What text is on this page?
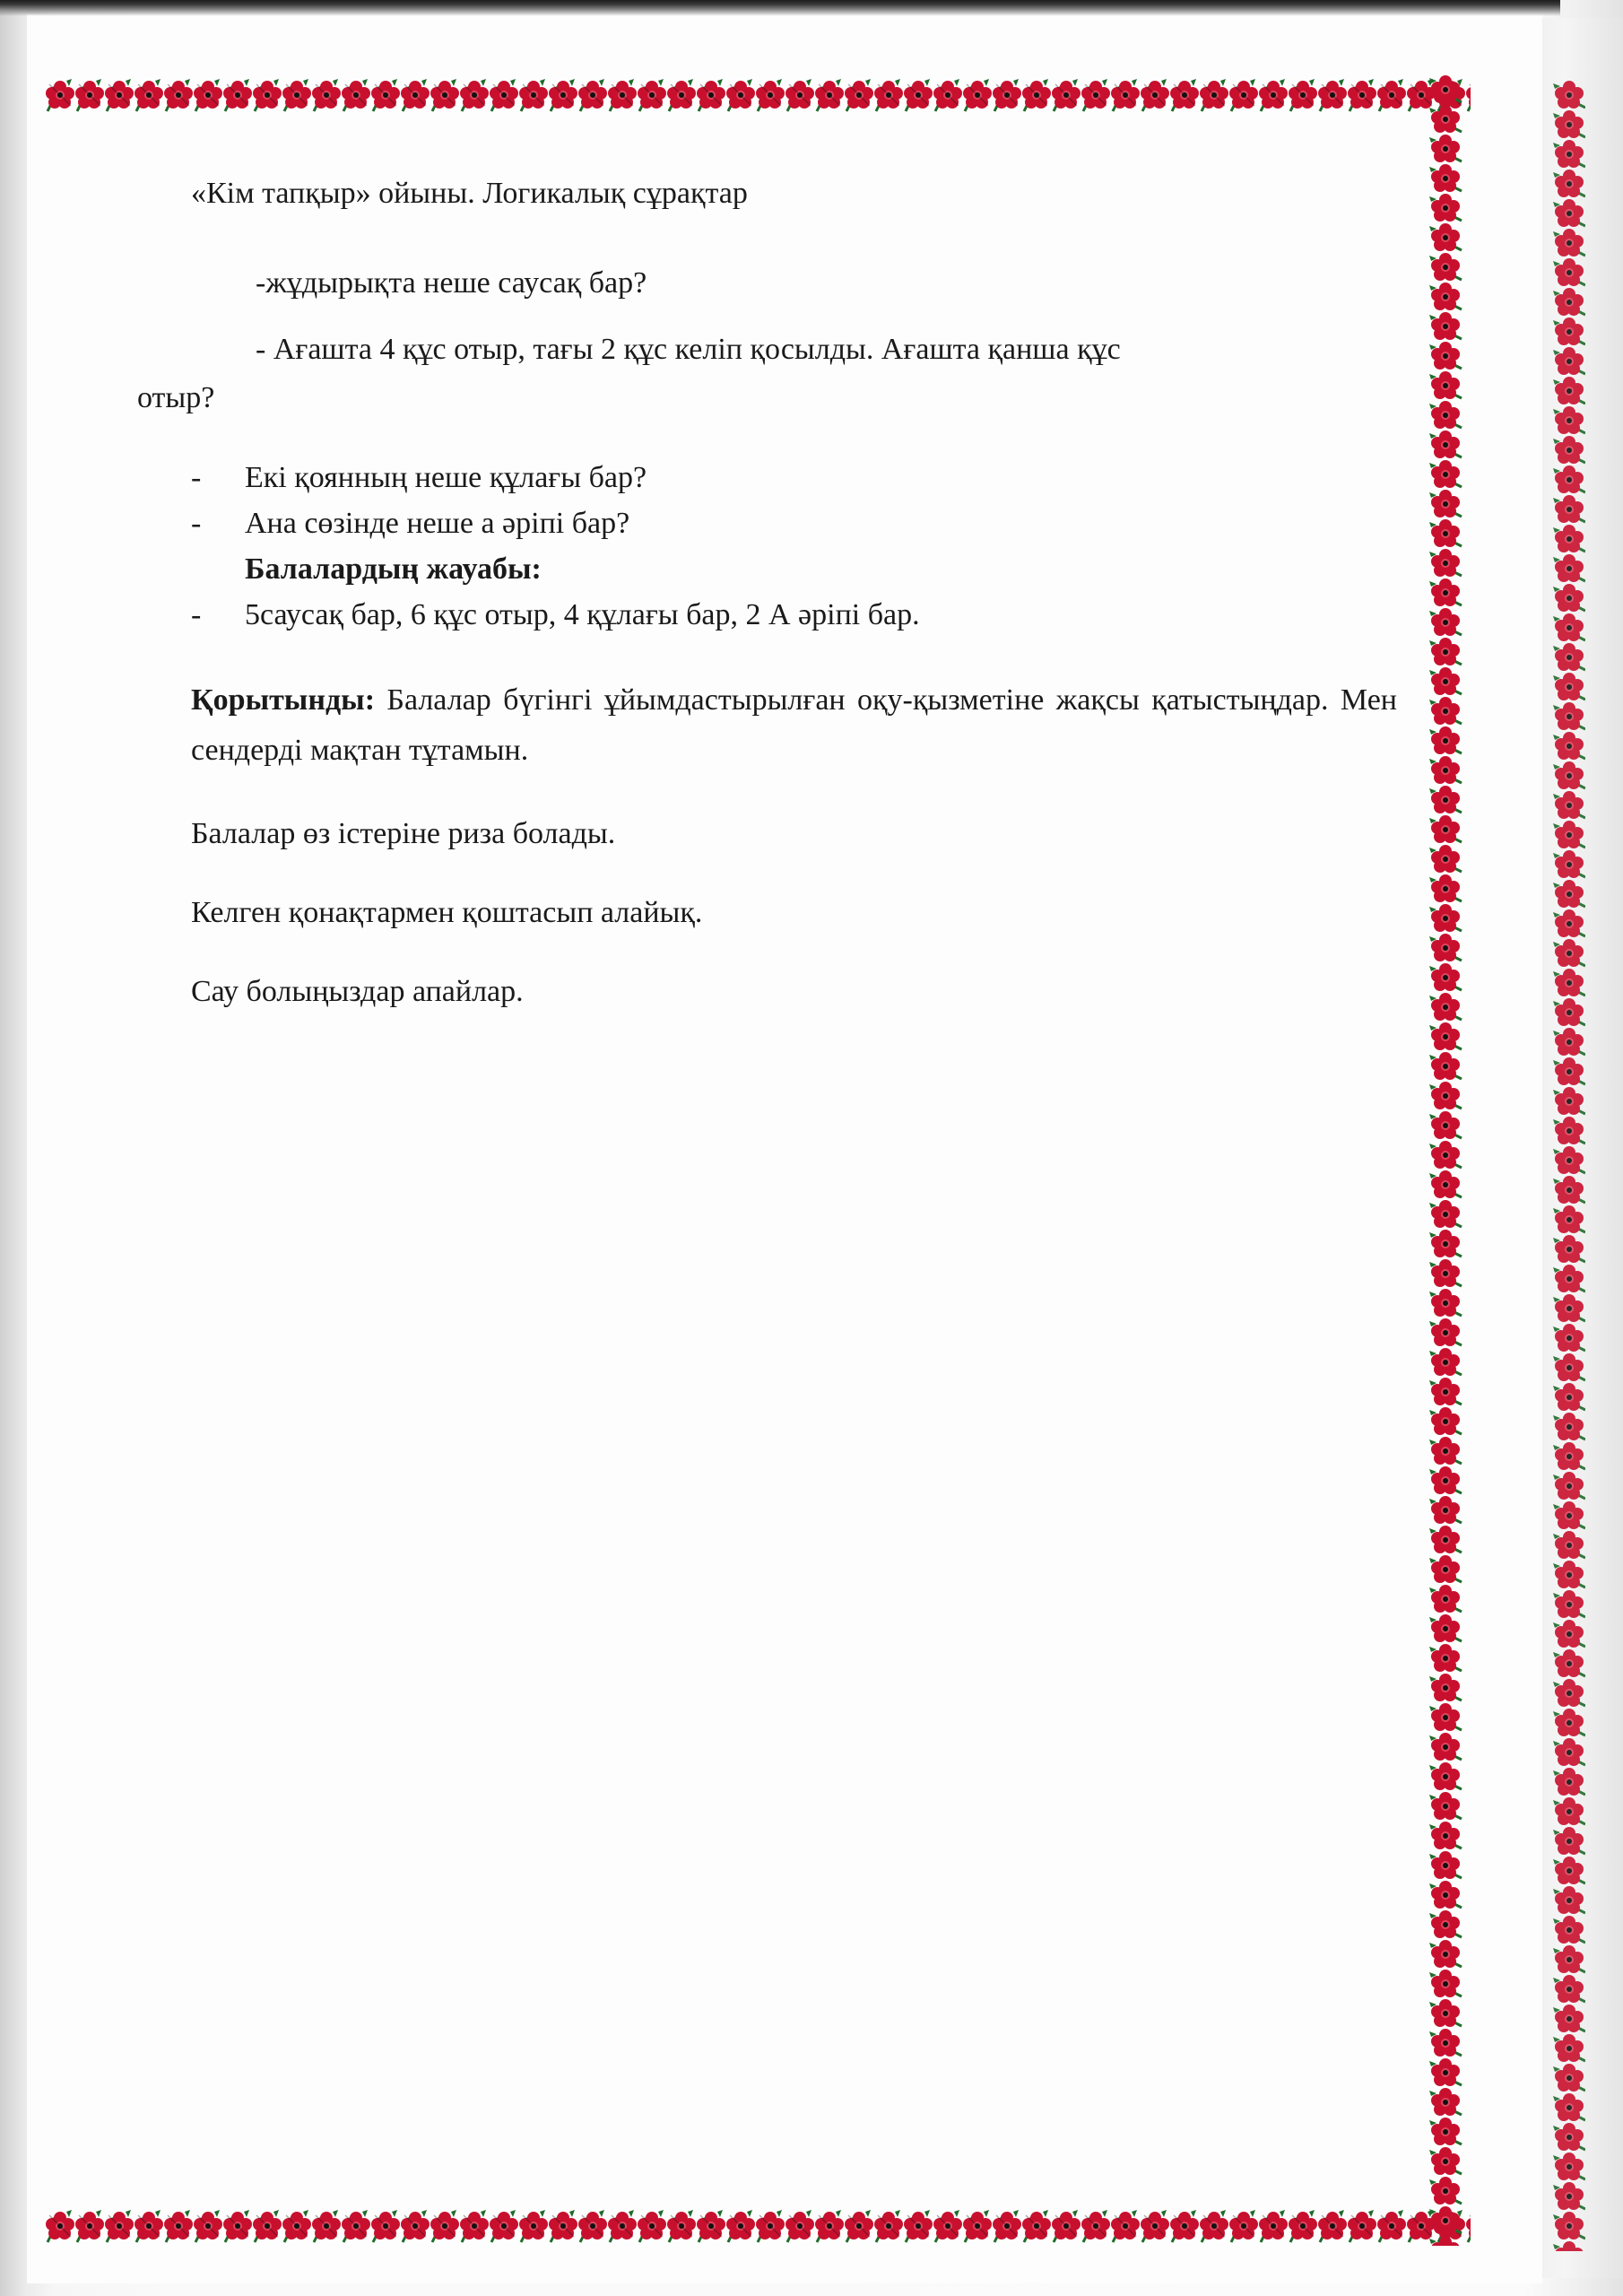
«Кім тапқыр» ойыны. Логикалық сұрақтар
-жұдырықта неше саусақ бар?
- Ағашта 4 құс отыр, тағы 2 құс келіп қосылды. Ағашта қанша құс
отыр?
- Екі қоянның неше құлағы бар?
- Ана сөзінде неше а әріпі бар?
Балалардың жауабы:
- 5саусақ бар, 6 құс отыр, 4 құлағы бар, 2 А әріпі бар.
Қорытынды: Балалар бүгінгі ұйымдастырылған оқу-қызметіне жақсы қатыстыңдар. Мен сендерді мақтан тұтамын.
Балалар өз істеріне риза болады.
Келген қонақтармен қоштасып алайық.
Сау болыңыздар апайлар.
